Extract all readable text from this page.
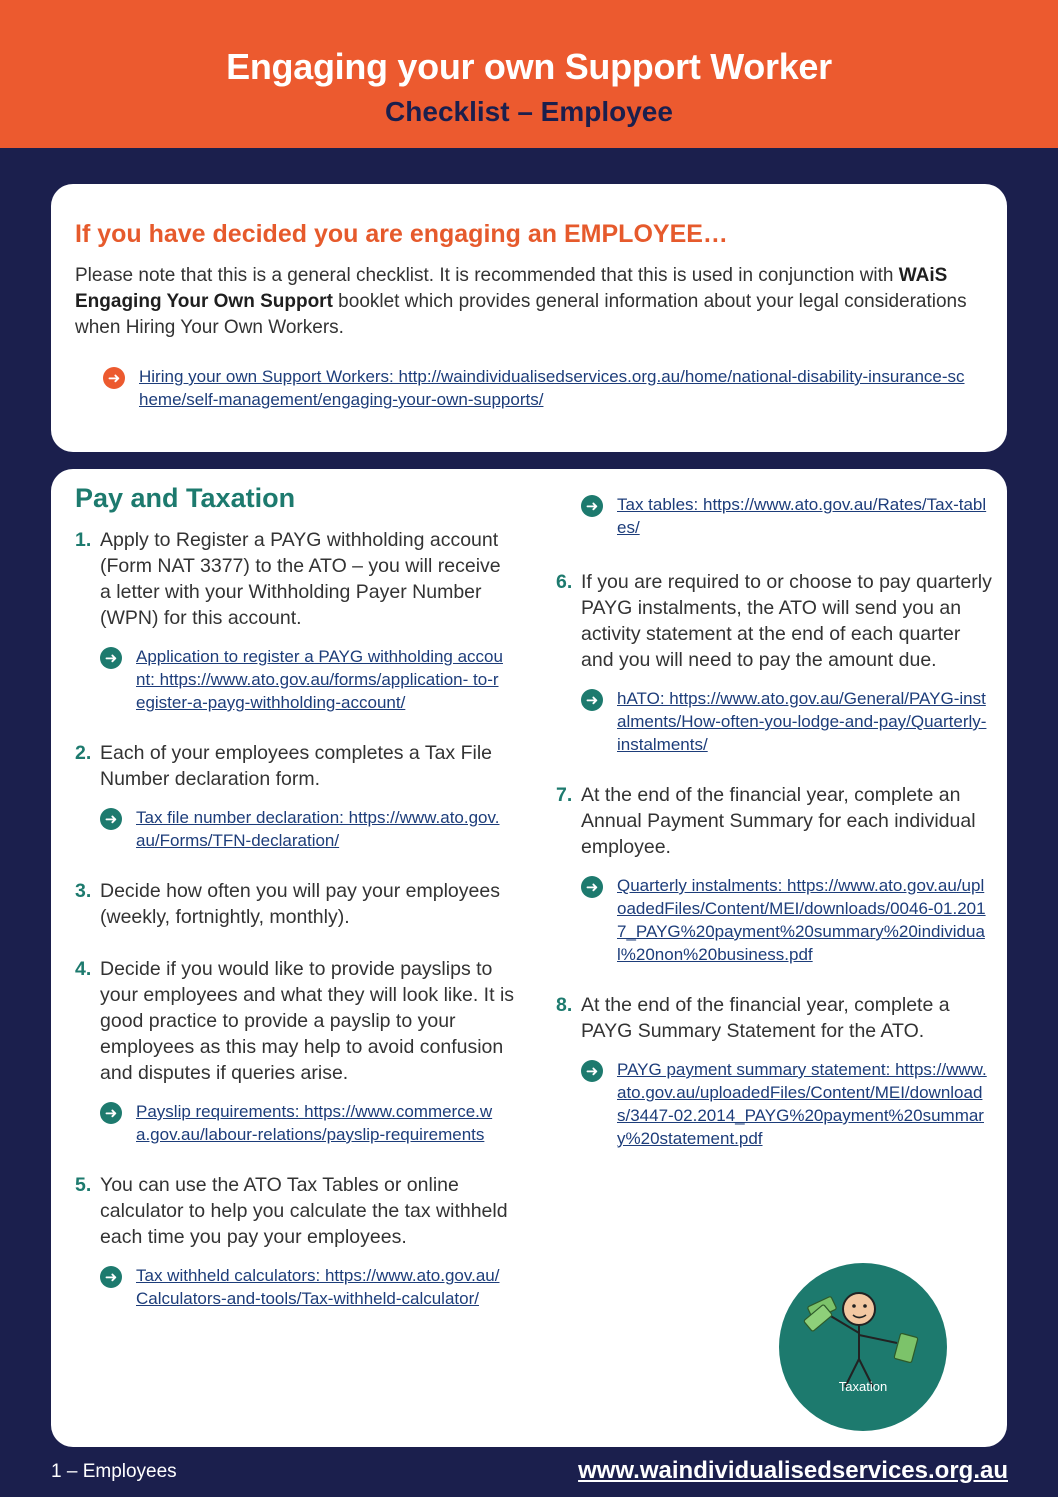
Engaging your own Support Worker
Checklist – Employee
If you have decided you are engaging an EMPLOYEE…

Please note that this is a general checklist. It is recommended that this is used in conjunction with WAiS Engaging Your Own Support booklet which provides general information about your legal considerations when Hiring Your Own Workers.

➜ Hiring your own Support Workers: http://waindividualisedservices.org.au/home/national-disability-insurance-scheme/self-management/engaging-your-own-supports/
Pay and Taxation
1. Apply to Register a PAYG withholding account (Form NAT 3377) to the ATO – you will receive a letter with your Withholding Payer Number (WPN) for this account.
➜ Application to register a PAYG withholding account: https://www.ato.gov.au/forms/application- to-register-a-payg-withholding-account/
2. Each of your employees completes a Tax File Number declaration form.
➜ Tax file number declaration: https://www.ato.gov.au/Forms/TFN-declaration/
3. Decide how often you will pay your employees (weekly, fortnightly, monthly).
4. Decide if you would like to provide payslips to your employees and what they will look like. It is good practice to provide a payslip to your employees as this may help to avoid confusion and disputes if queries arise.
➜ Payslip requirements: https://www.commerce.wa.gov.au/labour-relations/payslip-requirements
5. You can use the ATO Tax Tables or online calculator to help you calculate the tax withheld each time you pay your employees.
➜ Tax withheld calculators: https://www.ato.gov.au/Calculators-and-tools/Tax-withheld-calculator/
➜ Tax tables: https://www.ato.gov.au/Rates/Tax-tables/
6. If you are required to or choose to pay quarterly PAYG instalments, the ATO will send you an activity statement at the end of each quarter and you will need to pay the amount due.
➜ hATO: https://www.ato.gov.au/General/PAYG-instalments/How-often-you-lodge-and-pay/Quarterly-instalments/
7. At the end of the financial year, complete an Annual Payment Summary for each individual employee.
➜ Quarterly instalments: https://www.ato.gov.au/uploadedFiles/Content/MEI/downloads/0046-01.2017_PAYG%20payment%20summary%20individual%20non%20business.pdf
8. At the end of the financial year, complete a PAYG Summary Statement for the ATO.
➜ PAYG payment summary statement: https://www.ato.gov.au/uploadedFiles/Content/MEI/downloads/3447-02.2014_PAYG%20payment%20summary%20statement.pdf
Taxation
1 – Employees	www.waindividualisedservices.org.au
